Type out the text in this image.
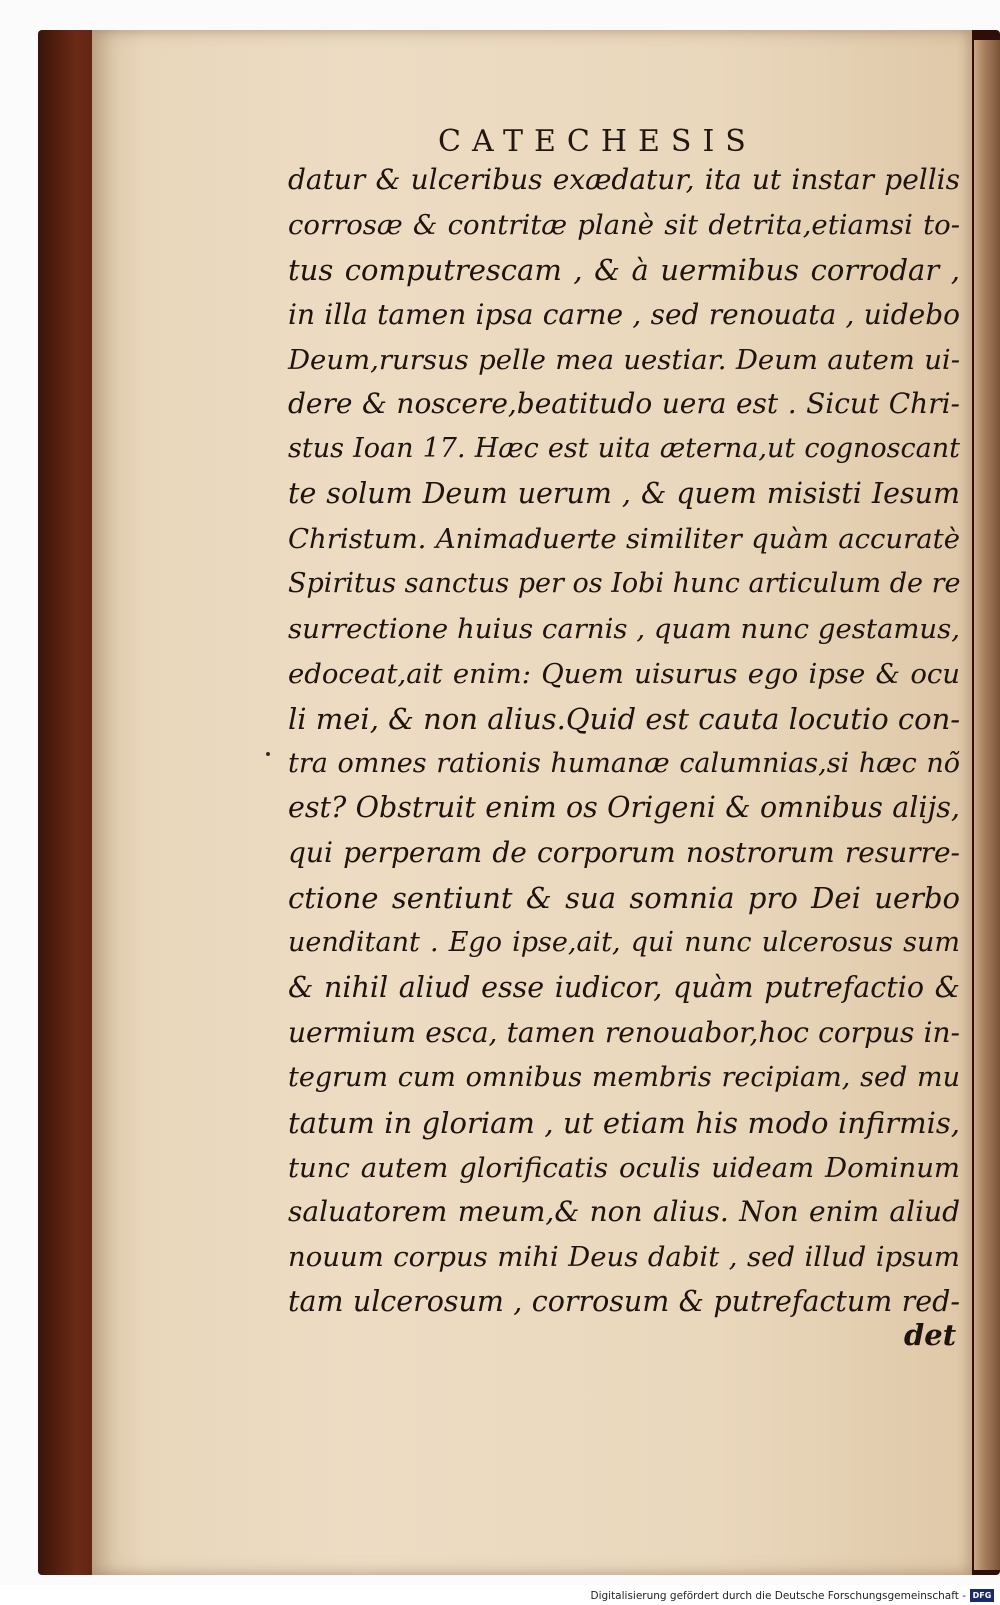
CATECHESIS
datur & ulceribus exædatur, ita ut instar pellis
corrosæ & contritæ planè sit detrita,etiamsi to-
tus computrescam , & à uermibus corrodar ,
in illa tamen ipsa carne , sed renouata , uidebo
Deum,rursus pelle mea uestiar. Deum autem ui-
dere & noscere,beatitudo uera est . Sicut Chri-
stus Ioan 17. Hæc est uita æterna,ut cognoscant
te solum Deum uerum , & quem misisti Iesum
Christum. Animaduerte similiter quàm accuratè
Spiritus sanctus per os Iobi hunc articulum de re
surrectione huius carnis , quam nunc gestamus,
edoceat,ait enim: Quem uisurus ego ipse & ocu
li mei, & non alius.Quid est cauta locutio con-
tra omnes rationis humanæ calumnias,si hæc nõ
est? Obstruit enim os Origeni & omnibus alijs,
qui perperam de corporum nostrorum resurre-
ctione sentiunt & sua somnia pro Dei uerbo
uenditant . Ego ipse,ait, qui nunc ulcerosus sum
& nihil aliud esse iudicor, quàm putrefactio &
uermium esca, tamen renouabor,hoc corpus in-
tegrum cum omnibus membris recipiam, sed mu
tatum in gloriam , ut etiam his modo infirmis,
tunc autem glorificatis oculis uideam Dominum
saluatorem meum,& non alius. Non enim aliud
nouum corpus mihi Deus dabit , sed illud ipsum
tam ulcerosum , corrosum & putrefactum red-
det
Digitalisierung gefördert durch die Deutsche Forschungsgemeinschaft - DFG
